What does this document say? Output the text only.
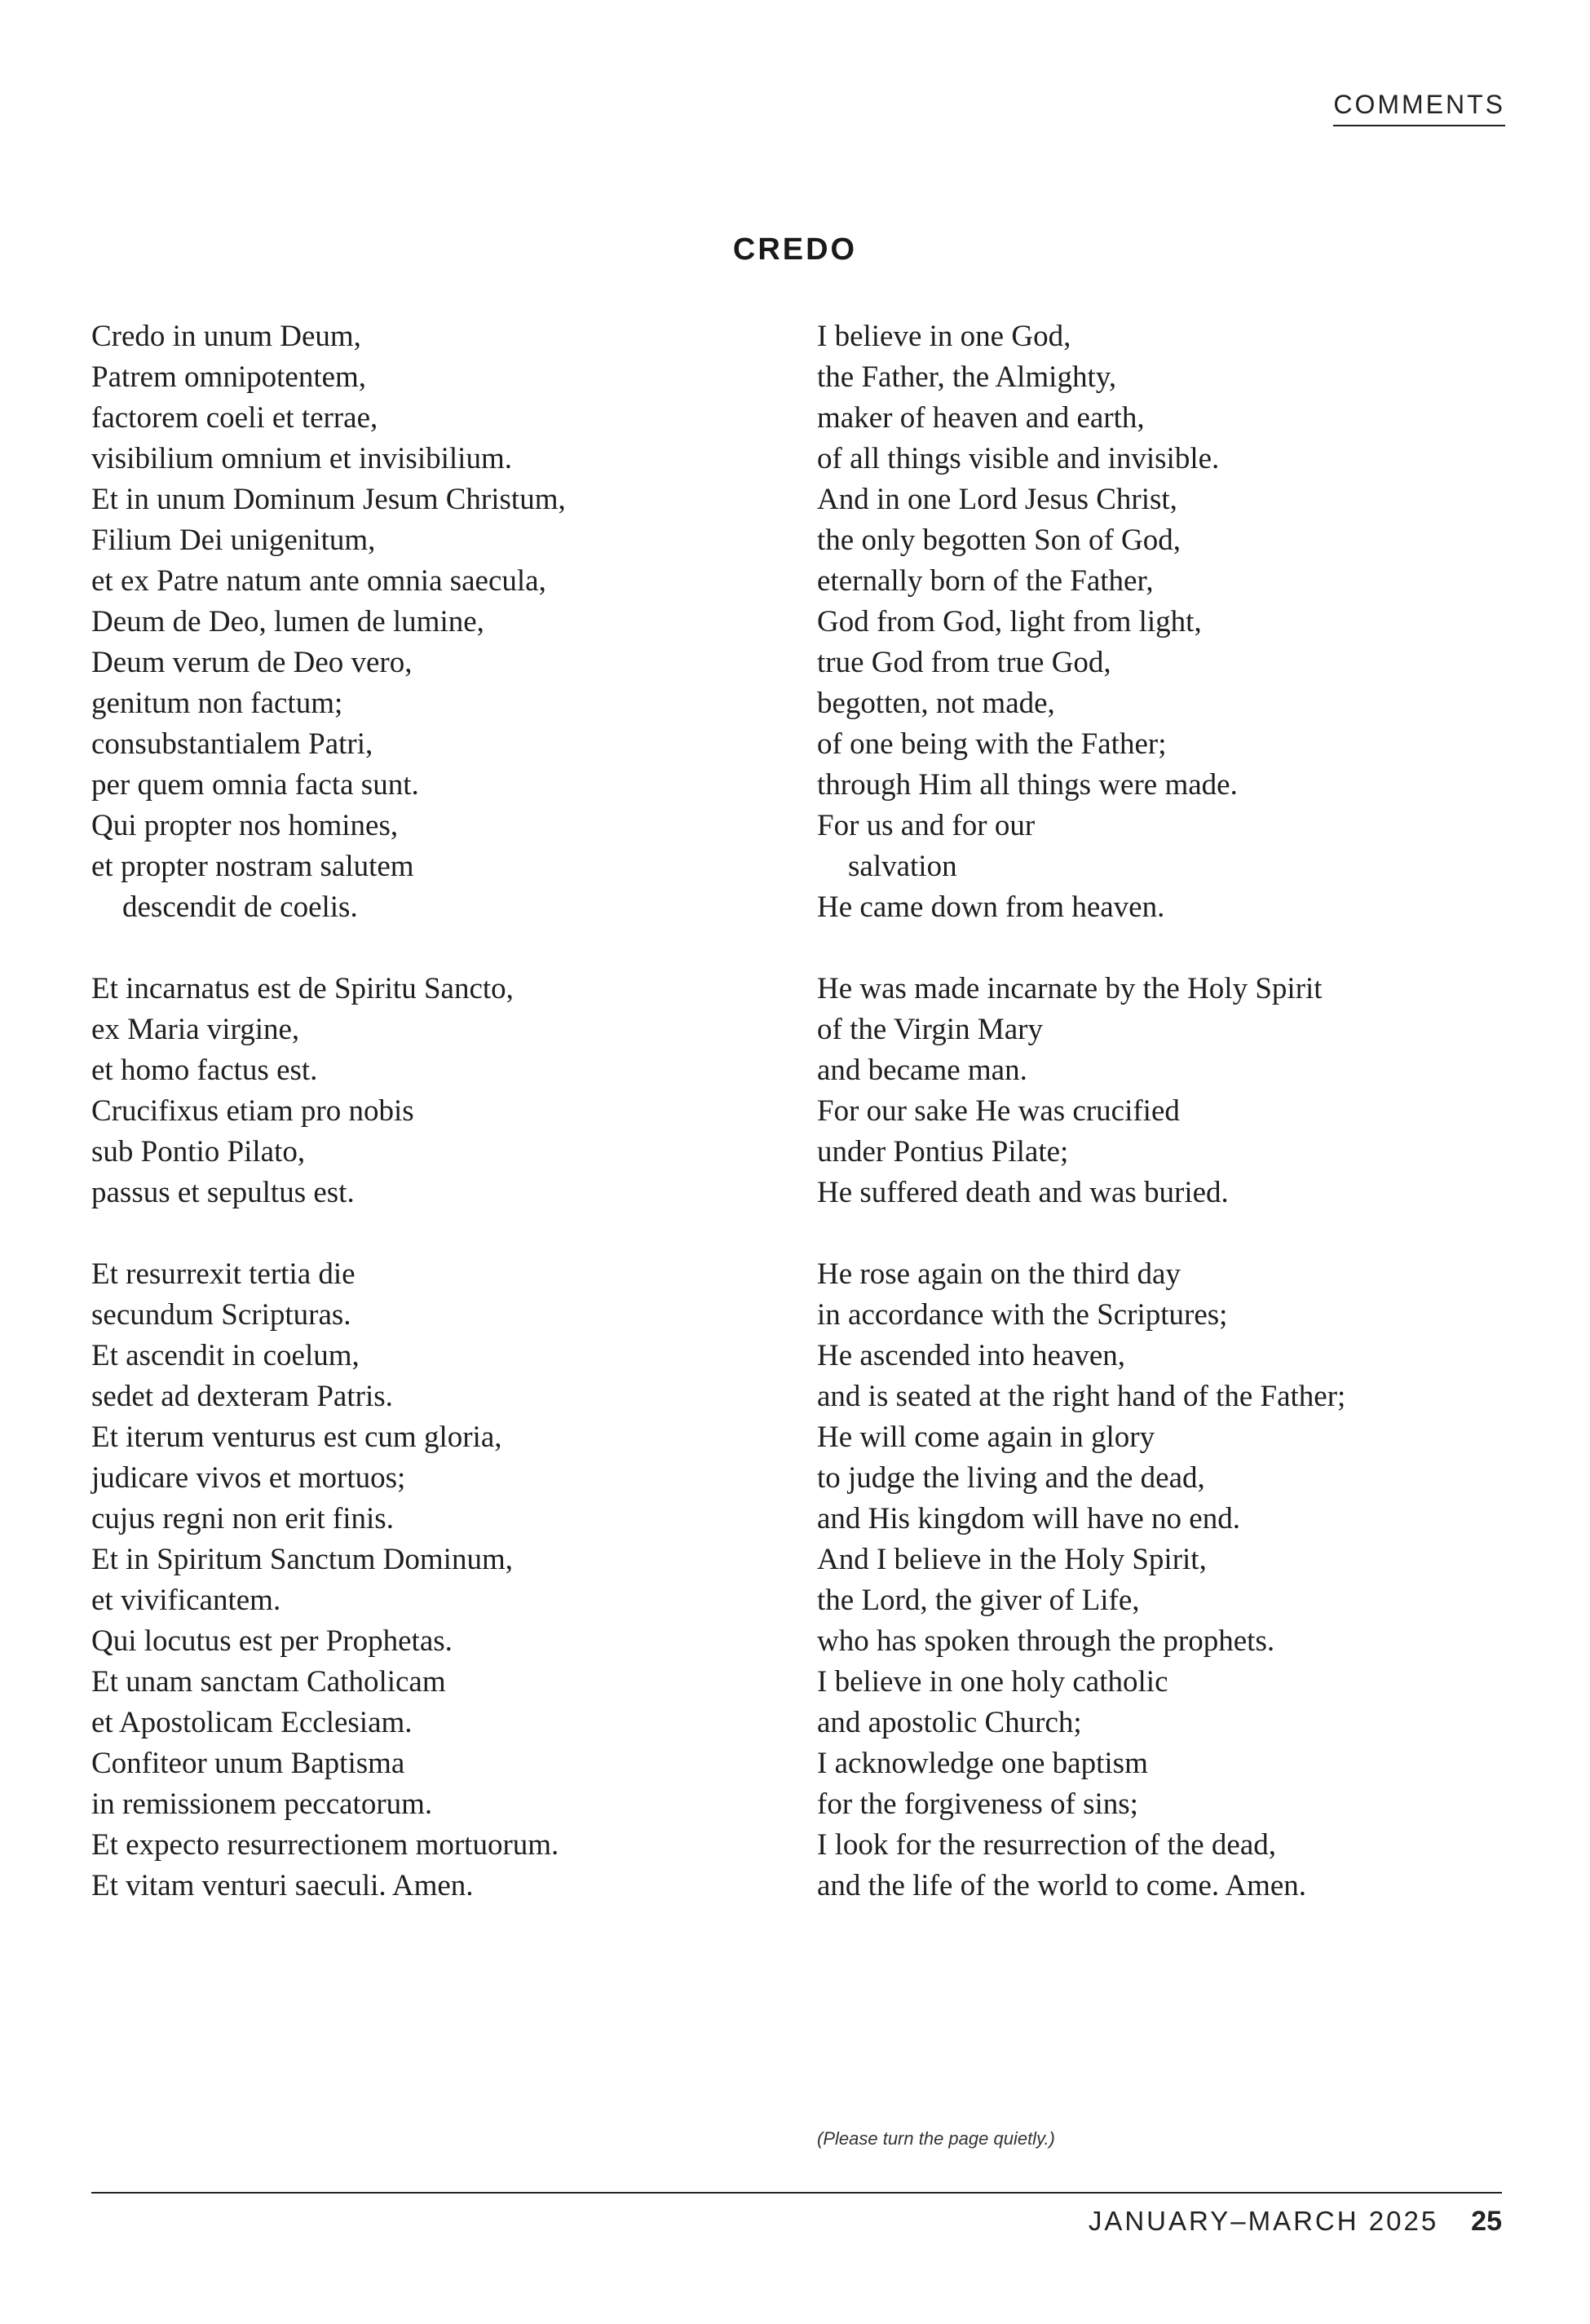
COMMENTS
CREDO
Credo in unum Deum,
Patrem omnipotentem,
factorem coeli et terrae,
visibilium omnium et invisibilium.
Et in unum Dominum Jesum Christum,
Filium Dei unigenitum,
et ex Patre natum ante omnia saecula,
Deum de Deo, lumen de lumine,
Deum verum de Deo vero,
genitum non factum;
consubstantialem Patri,
per quem omnia facta sunt.
Qui propter nos homines,
et propter nostram salutem
descendit de coelis.
Et incarnatus est de Spiritu Sancto,
ex Maria virgine,
et homo factus est.
Crucifixus etiam pro nobis
sub Pontio Pilato,
passus et sepultus est.
Et resurrexit tertia die
secundum Scripturas.
Et ascendit in coelum,
sedet ad dexteram Patris.
Et iterum venturus est cum gloria,
judicare vivos et mortuos;
cujus regni non erit finis.
Et in Spiritum Sanctum Dominum,
et vivificantem.
Qui locutus est per Prophetas.
Et unam sanctam Catholicam
et Apostolicam Ecclesiam.
Confiteor unum Baptisma
in remissionem peccatorum.
Et expecto resurrectionem mortuorum.
Et vitam venturi saeculi. Amen.
I believe in one God,
the Father, the Almighty,
maker of heaven and earth,
of all things visible and invisible.
And in one Lord Jesus Christ,
the only begotten Son of God,
eternally born of the Father,
God from God, light from light,
true God from true God,
begotten, not made,
of one being with the Father;
through Him all things were made.
For us and for our
salvation
He came down from heaven.
He was made incarnate by the Holy Spirit
of the Virgin Mary
and became man.
For our sake He was crucified
under Pontius Pilate;
He suffered death and was buried.
He rose again on the third day
in accordance with the Scriptures;
He ascended into heaven,
and is seated at the right hand of the Father;
He will come again in glory
to judge the living and the dead,
and His kingdom will have no end.
And I believe in the Holy Spirit,
the Lord, the giver of Life,
who has spoken through the prophets.
I believe in one holy catholic
and apostolic Church;
I acknowledge one baptism
for the forgiveness of sins;
I look for the resurrection of the dead,
and the life of the world to come. Amen.
(Please turn the page quietly.)
JANUARY–MARCH 2025 25
